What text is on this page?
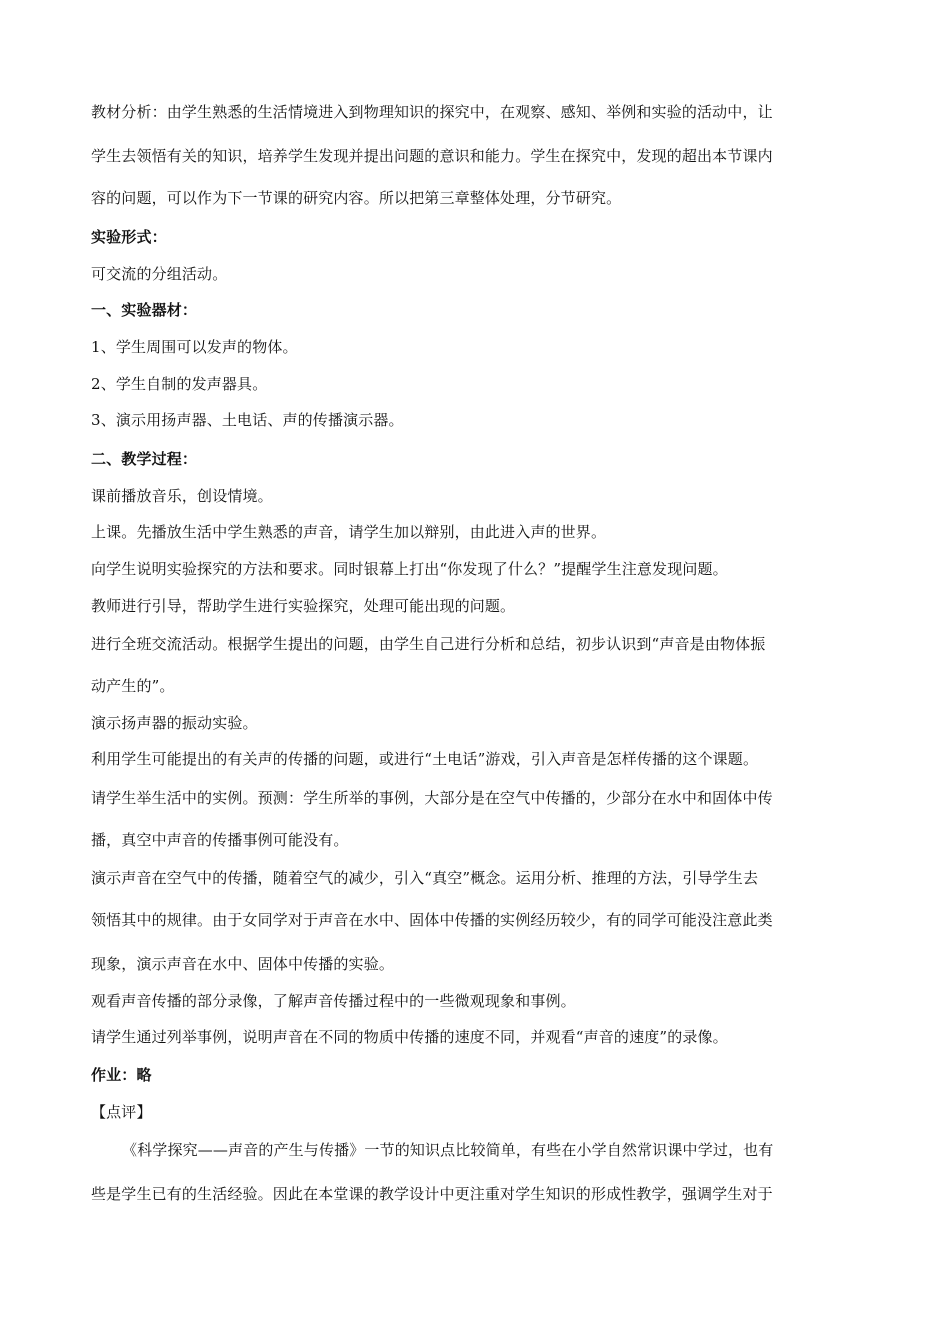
教材分析：由学生熟悉的生活情境进入到物理知识的探究中，在观察、感知、举例和实验的活动中，让
学生去领悟有关的知识，培养学生发现并提出问题的意识和能力。学生在探究中，发现的超出本节课内
容的问题，可以作为下一节课的研究内容。所以把第三章整体处理，分节研究。
实验形式：
可交流的分组活动。
一、实验器材：
1、学生周围可以发声的物体。
2、学生自制的发声器具。
3、演示用扬声器、土电话、声的传播演示器。
二、教学过程：
课前播放音乐，创设情境。
上课。先播放生活中学生熟悉的声音，请学生加以辩别，由此进入声的世界。
向学生说明实验探究的方法和要求。同时银幕上打出“你发现了什么？”提醒学生注意发现问题。
教师进行引导，帮助学生进行实验探究，处理可能出现的问题。
进行全班交流活动。根据学生提出的问题，由学生自己进行分析和总结，初步认识到“声音是由物体振
动产生的”。
演示扬声器的振动实验。
利用学生可能提出的有关声的传播的问题，或进行“土电话”游戏，引入声音是怎样传播的这个课题。
请学生举生活中的实例。预测：学生所举的事例，大部分是在空气中传播的，少部分在水中和固体中传
播，真空中声音的传播事例可能没有。
演示声音在空气中的传播，随着空气的减少，引入“真空”概念。运用分析、推理的方法，引导学生去
领悟其中的规律。由于女同学对于声音在水中、固体中传播的实例经历较少，有的同学可能没注意此类
现象，演示声音在水中、固体中传播的实验。
观看声音传播的部分录像，了解声音传播过程中的一些微观现象和事例。
请学生通过列举事例，说明声音在不同的物质中传播的速度不同，并观看“声音的速度”的录像。
作业：略
【点评】
《科学探究——声音的产生与传播》一节的知识点比较简单，有些在小学自然常识课中学过，也有
些是学生已有的生活经验。因此在本堂课的教学设计中更注重对学生知识的形成性教学，强调学生对于
